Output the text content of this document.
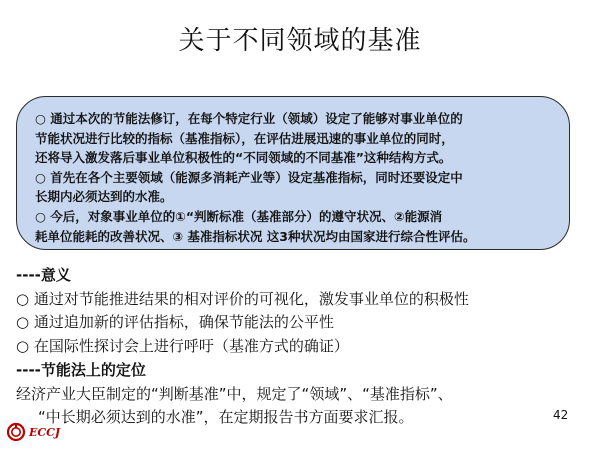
关于不同领域的基准

○ 通过本次的节能法修订，在每个特定行业（领域）设定了能够对事业单位的

节能状况进行比较的指标（基准指标），在评估进展迅速的事业单位的同时，

还将导入激发落后事业单位积极性的“不同领域的不同基准”这种结构方式。

○ 首先在各个主要领域（能源多消耗产业等）设定基准指标，同时还要设定中

长期内必须达到的水准。

○ 今后，对象事业单位的①“判断标准（基准部分）的遵守状况、②能源消

耗单位能耗的改善状况、③ 基准指标状况 这3种状况均由国家进行综合性评估。

----意义

○ 通过对节能推进结果的相对评价的可视化，激发事业单位的积极性

○ 通过追加新的评估指标，确保节能法的公平性

○ 在国际性探讨会上进行呼吁（基准方式的确证）

----节能法上的定位

经济产业大臣制定的“判断基准”中，规定了“领域”、“基准指标”、

“中长期必须达到的水准”，在定期报告书方面要求汇报。	42
ECCJ
